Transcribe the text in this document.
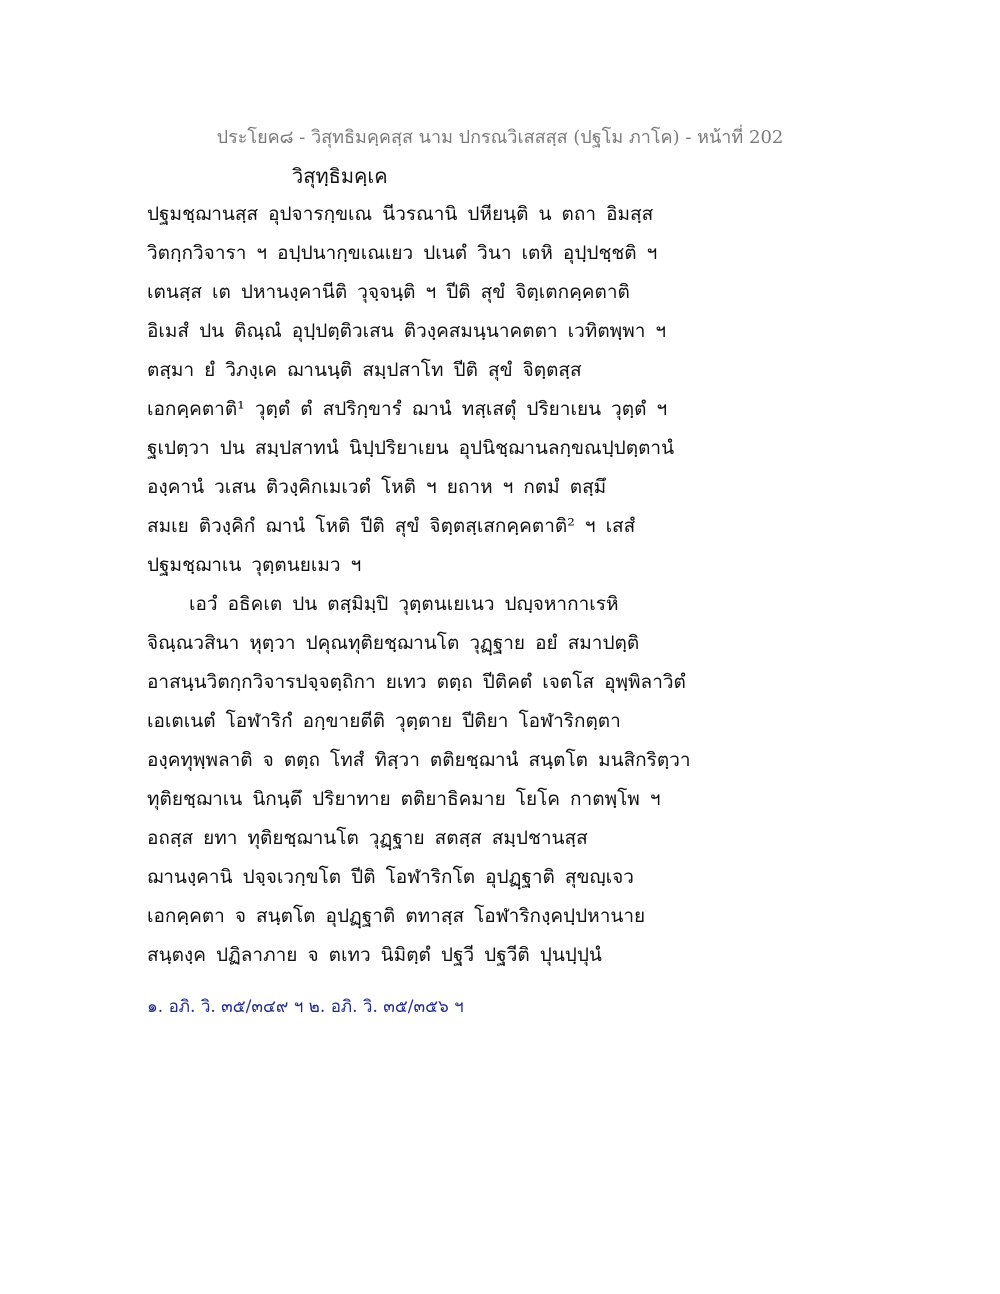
ประโยค๘ - วิสุทธิมคฺคสฺส นาม ปกรณวิเสสสฺส (ปฐโม ภาโค) - หน้าที่ 202
วิสุทฺธิมคฺเค
ปฐมชฺฌานสฺส อุปจารกฺขเณ นีวรณานิ ปหียนฺติ น ตถา อิมสฺส
วิตกฺกวิจารา ฯ อปฺปนากฺขเณเยว ปเนตํ วินา เตหิ อุปฺปชฺชติ ฯ
เตนสฺส เต ปหานงฺคานีติ วุจฺจนฺติ ฯ ปีติ สุขํ จิตฺเตกคฺคตาติ
อิเมสํ ปน ติณฺณํ อุปฺปตฺติวเสน ติวงฺคสมนฺนาคตตา เวทิตพฺพา ฯ
ตสฺมา ยํ วิภงฺเค ฌานนฺติ สมฺปสาโท ปีติ สุขํ จิตฺตสฺส
เอกคฺคตาติ¹ วุตฺตํ ตํ สปริกฺขารํ ฌานํ ทสฺเสตุํ ปริยาเยน วุตฺตํ ฯ
ฐเปตฺวา ปน สมฺปสาทนํ นิปฺปริยาเยน อุปนิชฺฌานลกฺขณปฺปตฺตานํ
องฺคานํ วเสน ติวงฺคิกเมเวตํ โหติ ฯ ยถาห ฯ กตมํ ตสฺมึ
สมเย ติวงฺคิกํ ฌานํ โหติ ปีติ สุขํ จิตฺตสฺเสกคฺคตาติ² ฯ เสสํ
ปฐมชฺฌาเน วุตฺตนยเมว ฯ
เอวํ อธิคเต ปน ตสฺมิมฺปิ วุตฺตนเยเนว ปญฺจหากาเรหิ
จิณฺณวสินา หุตฺวา ปคุณทุติยชฺฌานโต วุฏฺฐาย อยํ สมาปตฺติ
อาสนฺนวิตกฺกวิจารปจฺจตฺถิกา ยเทว ตตฺถ ปีติคตํ เจตโส อุพฺพิลาวิตํ
เอเตเนตํ โอฬาริกํ อกฺขายตีติ วุตฺตาย ปีติยา โอฬาริกตฺตา
องฺคทุพฺพลาติ จ ตตฺถ โทสํ ทิสฺวา ตติยชฺฌานํ สนฺตโต มนสิกริตฺวา
ทุติยชฺฌาเน นิกนฺตึ ปริยาทาย ตติยาธิคมาย โยโค กาตพฺโพ ฯ
อถสฺส ยทา ทุติยชฺฌานโต วุฏฺฐาย สตสฺส สมฺปชานสฺส
ฌานงฺคานิ ปจฺจเวกฺขโต ปีติ โอฬาริกโต อุปฏฺฐาติ สุขญฺเจว
เอกคฺคตา จ สนฺตโต อุปฏฺฐาติ ตทาสฺส โอฬาริกงฺคปฺปหานาย
สนฺตงฺค ปฏิลาภาย จ ตเทว นิมิตฺตํ ปฐวี ปฐวีติ ปุนปฺปุนํ
๑. อภิ. วิ. ๓๕/๓๔๙ ฯ ๒. อภิ. วิ. ๓๕/๓๕๖ ฯ
